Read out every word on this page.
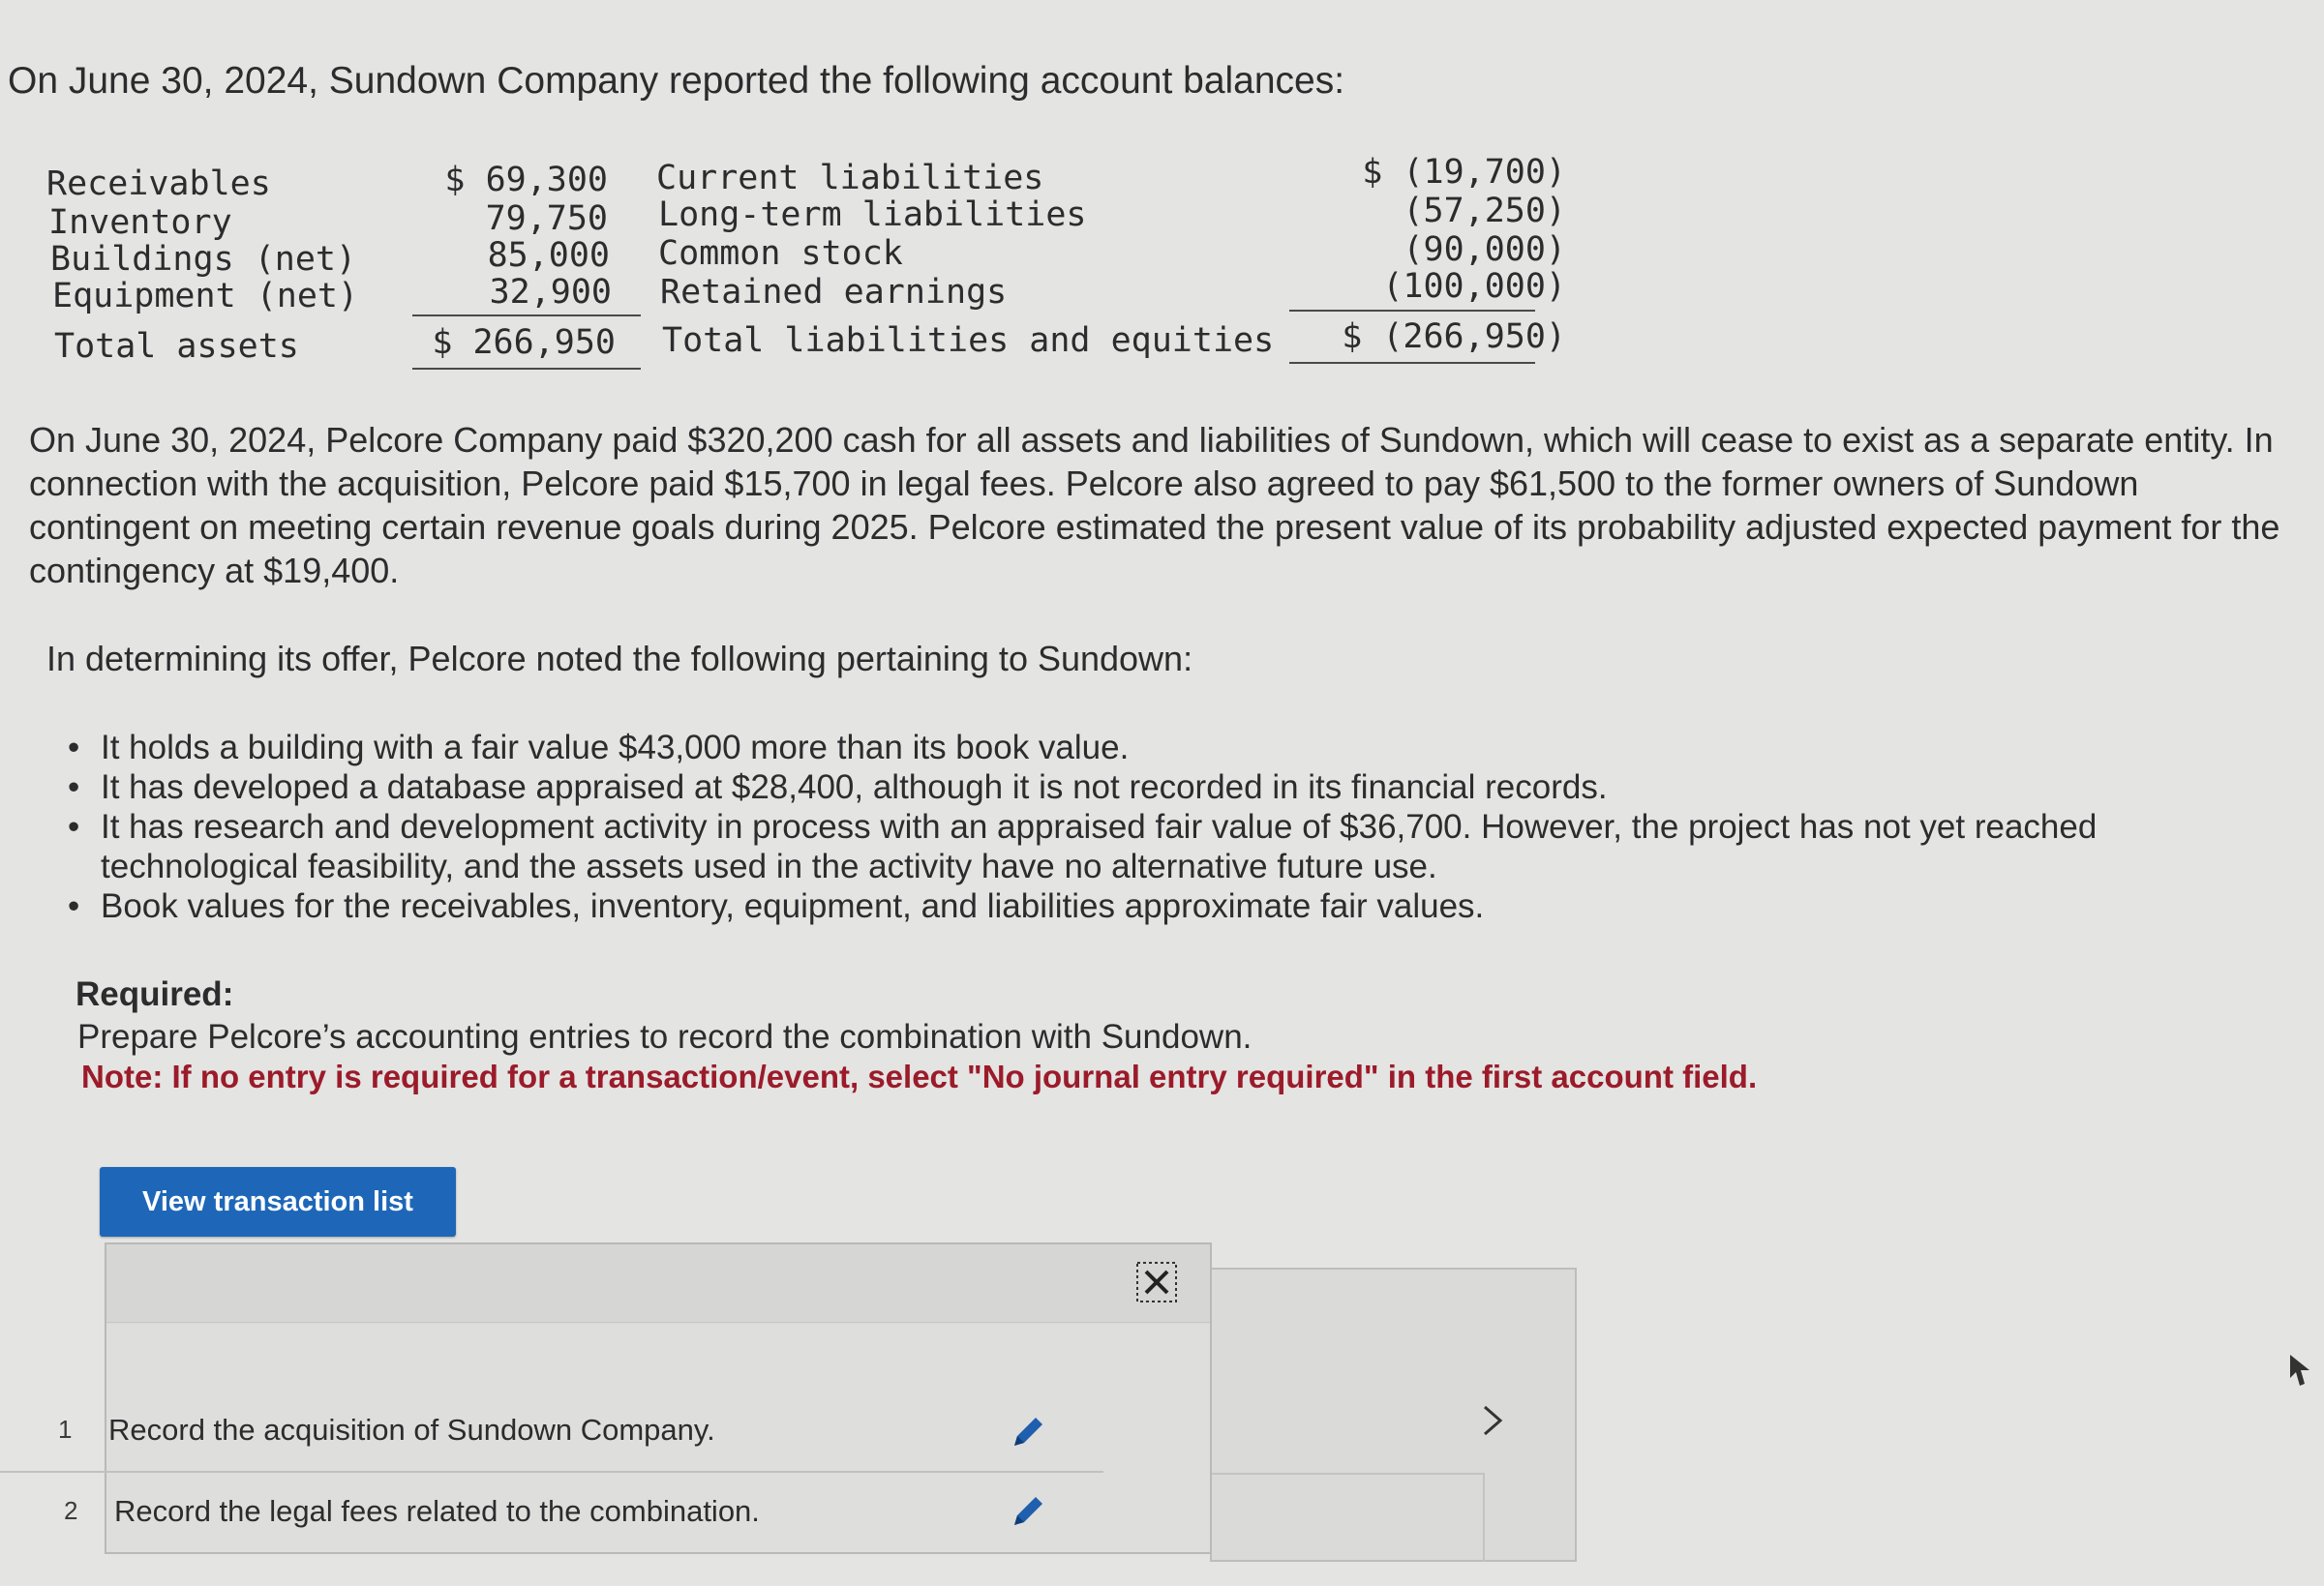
On June 30, 2024, Sundown Company reported the following account balances:
Receivables
Inventory
Buildings (net)
Equipment (net)
Total assets
$ 69,300
79,750
85,000
32,900
$ 266,950
Current liabilities
Long-term liabilities
Common stock
Retained earnings
Total liabilities and equities
$ (19,700)
(57,250)
(90,000)
(100,000)
$ (266,950)
On June 30, 2024, Pelcore Company paid $320,200 cash for all assets and liabilities of Sundown, which will cease to exist as a separate entity. In connection with the acquisition, Pelcore paid $15,700 in legal fees. Pelcore also agreed to pay $61,500 to the former owners of Sundown contingent on meeting certain revenue goals during 2025. Pelcore estimated the present value of its probability adjusted expected payment for the contingency at $19,400.
In determining its offer, Pelcore noted the following pertaining to Sundown:
• It holds a building with a fair value $43,000 more than its book value.
• It has developed a database appraised at $28,400, although it is not recorded in its financial records.
• It has research and development activity in process with an appraised fair value of $36,700. However, the project has not yet reached technological feasibility, and the assets used in the activity have no alternative future use.
• Book values for the receivables, inventory, equipment, and liabilities approximate fair values.
Required:
Prepare Pelcore’s accounting entries to record the combination with Sundown.
Note: If no entry is required for a transaction/event, select "No journal entry required" in the first account field.
View transaction list
1 Record the acquisition of Sundown Company.
2 Record the legal fees related to the combination.
